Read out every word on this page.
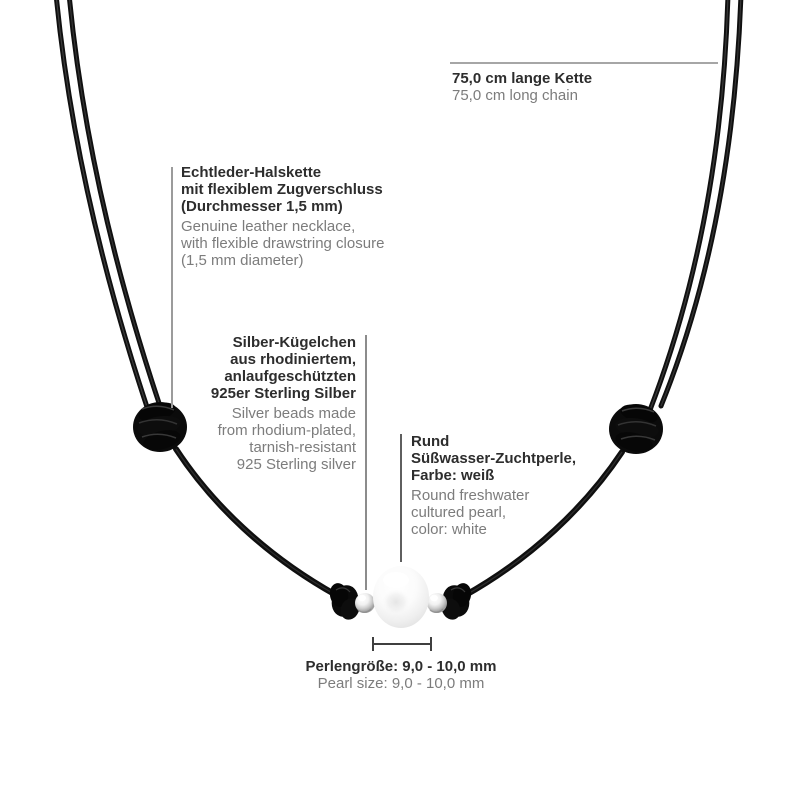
75,0 cm lange Kette
75,0 cm long chain
Echtleder-Halskette
mit flexiblem Zugverschluss
(Durchmesser 1,5 mm)
Genuine leather necklace,
with flexible drawstring closure
(1,5 mm diameter)
Silber-Kügelchen
aus rhodiniertem,
anlaufgeschützten
925er Sterling Silber
Silver beads made
from rhodium-plated,
tarnish-resistant
925 Sterling silver
Rund
Süßwasser-Zuchtperle,
Farbe: weiß
Round freshwater
cultured pearl,
color: white
Perlengröße: 9,0 - 10,0 mm
Pearl size: 9,0 - 10,0 mm
